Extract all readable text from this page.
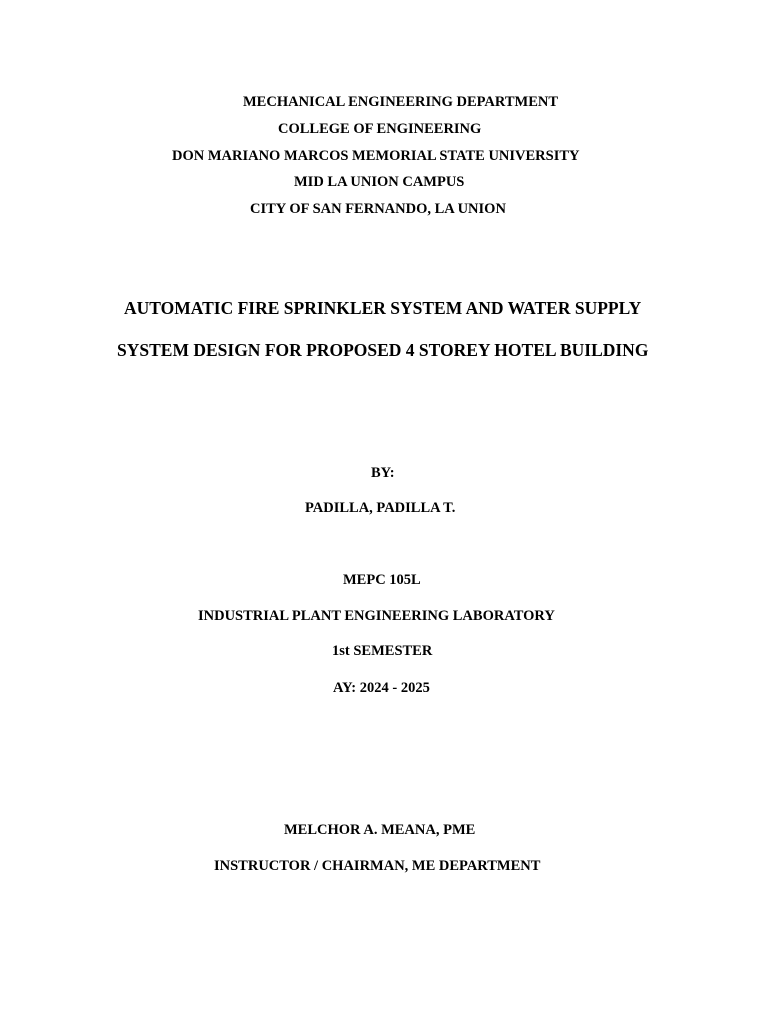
MECHANICAL ENGINEERING DEPARTMENT
COLLEGE OF ENGINEERING
DON MARIANO MARCOS MEMORIAL STATE UNIVERSITY
MID LA UNION CAMPUS
CITY OF SAN FERNANDO, LA UNION
AUTOMATIC FIRE SPRINKLER SYSTEM AND WATER SUPPLY
SYSTEM DESIGN FOR PROPOSED 4 STOREY HOTEL BUILDING
BY:
PADILLA, PADILLA T.
MEPC 105L
INDUSTRIAL PLANT ENGINEERING LABORATORY
1st SEMESTER
AY: 2024 - 2025
MELCHOR A. MEANA, PME
INSTRUCTOR / CHAIRMAN, ME DEPARTMENT
